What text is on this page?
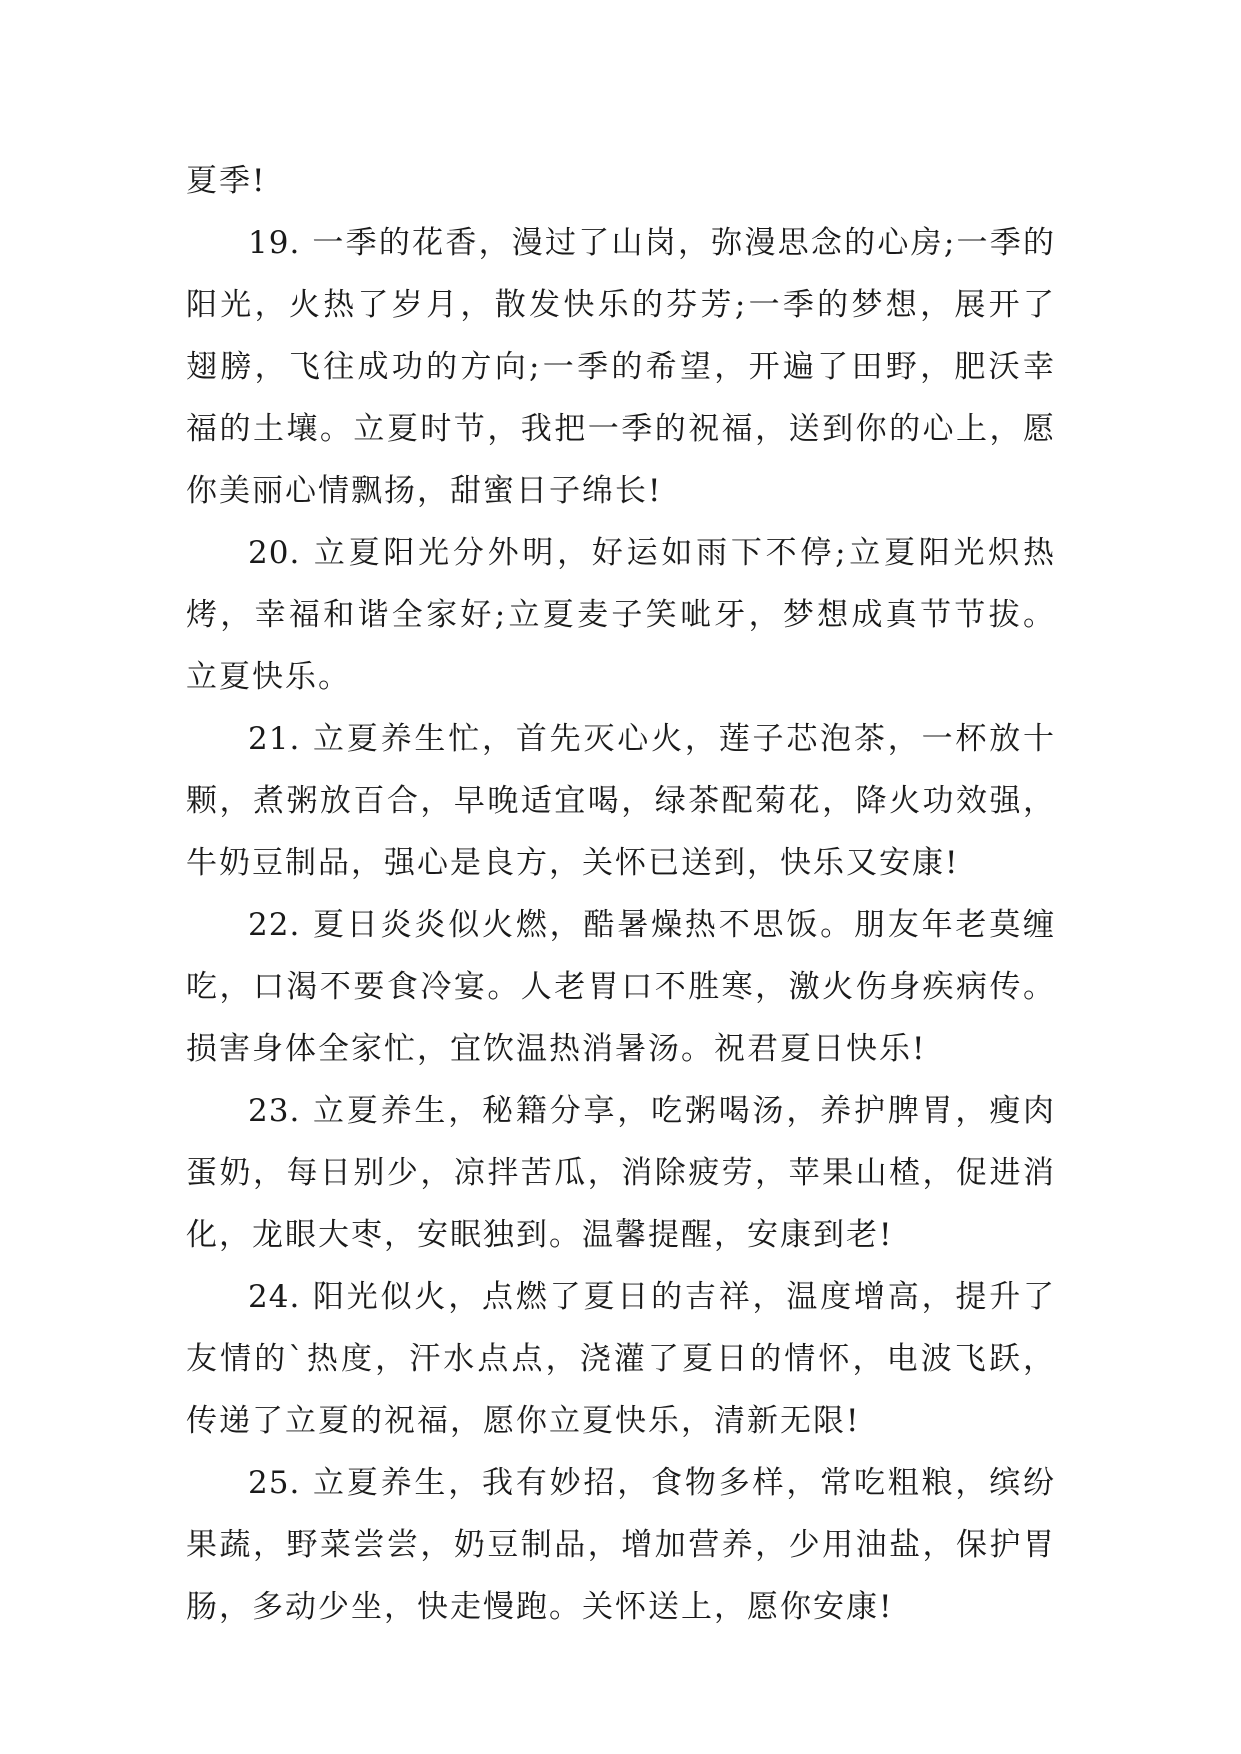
夏季!

19. 一季的花香，漫过了山岗，弥漫思念的心房;一季的阳光，火热了岁月，散发快乐的芬芳;一季的梦想，展开了翅膀，飞往成功的方向;一季的希望，开遍了田野，肥沃幸福的土壤。立夏时节，我把一季的祝福，送到你的心上，愿你美丽心情飘扬，甜蜜日子绵长!

20. 立夏阳光分外明，好运如雨下不停;立夏阳光炽热烤，幸福和谐全家好;立夏麦子笑呲牙，梦想成真节节拔。立夏快乐。

21. 立夏养生忙，首先灭心火，莲子芯泡茶，一杯放十颗，煮粥放百合，早晚适宜喝，绿茶配菊花，降火功效强，牛奶豆制品，强心是良方，关怀已送到，快乐又安康!

22. 夏日炎炎似火燃，酷暑燥热不思饭。朋友年老莫缠吃，口渴不要食冷宴。人老胃口不胜寒，激火伤身疾病传。损害身体全家忙，宜饮温热消暑汤。祝君夏日快乐!

23. 立夏养生，秘籍分享，吃粥喝汤，养护脾胃，瘦肉蛋奶，每日别少，凉拌苦瓜，消除疲劳，苹果山楂，促进消化，龙眼大枣，安眠独到。温馨提醒，安康到老!

24. 阳光似火，点燃了夏日的吉祥，温度增高，提升了友情的`热度，汗水点点，浇灌了夏日的情怀，电波飞跃，传递了立夏的祝福，愿你立夏快乐，清新无限!

25. 立夏养生，我有妙招，食物多样，常吃粗粮，缤纷果蔬，野菜尝尝，奶豆制品，增加营养，少用油盐，保护胃肠，多动少坐，快走慢跑。关怀送上，愿你安康!
